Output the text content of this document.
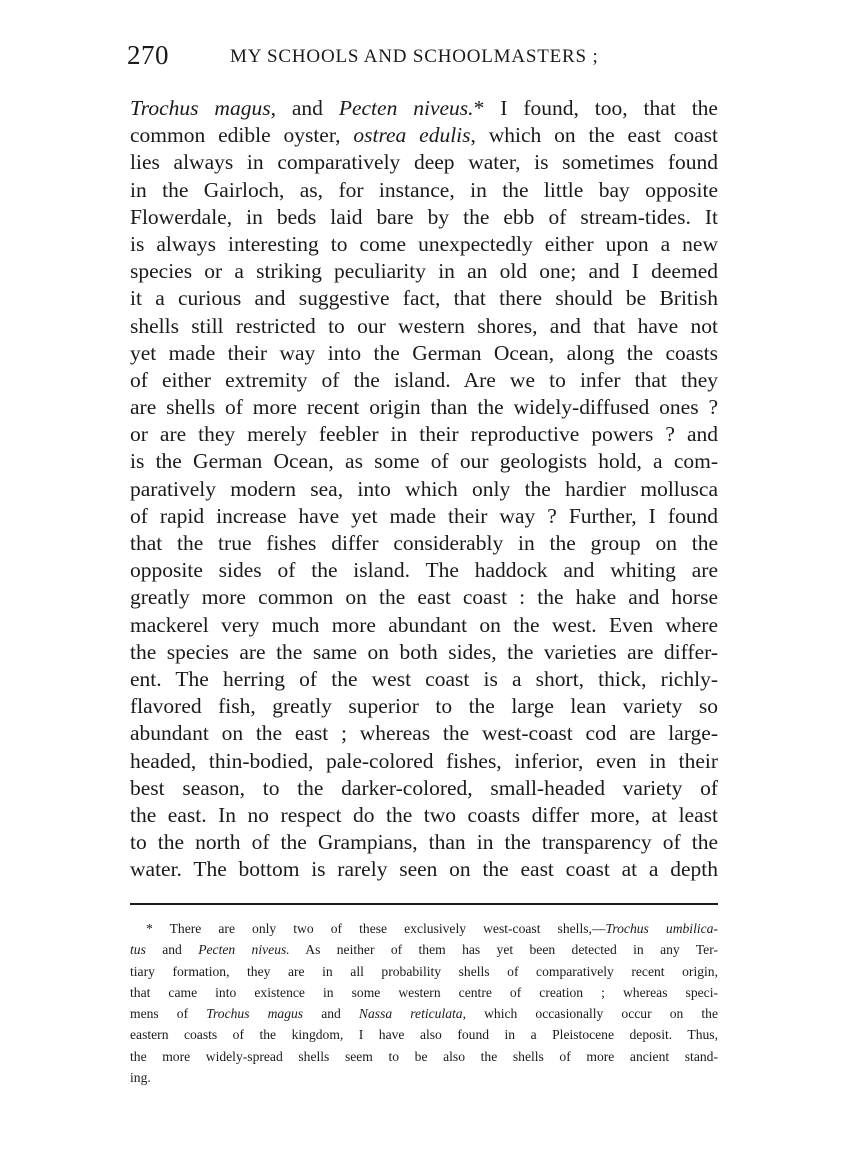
270	MY SCHOOLS AND SCHOOLMASTERS ;
Trochus magus, and Pecten niveus.* I found, too, that the
common edible oyster, ostrea edulis, which on the east coast
lies always in comparatively deep water, is sometimes found
in the Gairloch, as, for instance, in the little bay opposite
Flowerdale, in beds laid bare by the ebb of stream-tides. It
is always interesting to come unexpectedly either upon a new
species or a striking peculiarity in an old one; and I deemed
it a curious and suggestive fact, that there should be British
shells still restricted to our western shores, and that have not
yet made their way into the German Ocean, along the coasts
of either extremity of the island. Are we to infer that they
are shells of more recent origin than the widely-diffused ones ?
or are they merely feebler in their reproductive powers ? and
is the German Ocean, as some of our geologists hold, a com-
paratively modern sea, into which only the hardier mollusca
of rapid increase have yet made their way ? Further, I found
that the true fishes differ considerably in the group on the
opposite sides of the island. The haddock and whiting are
greatly more common on the east coast : the hake and horse
mackerel very much more abundant on the west. Even where
the species are the same on both sides, the varieties are differ-
ent. The herring of the west coast is a short, thick, richly-
flavored fish, greatly superior to the large lean variety so
abundant on the east ; whereas the west-coast cod are large-
headed, thin-bodied, pale-colored fishes, inferior, even in their
best season, to the darker-colored, small-headed variety of
the east. In no respect do the two coasts differ more, at least
to the north of the Grampians, than in the transparency of the
water. The bottom is rarely seen on the east coast at a depth
* There are only two of these exclusively west-coast shells,—Trochus umbilica-
tus and Pecten niveus. As neither of them has yet been detected in any Ter-
tiary formation, they are in all probability shells of comparatively recent origin,
that came into existence in some western centre of creation ; whereas speci-
mens of Trochus magus and Nassa reticulata, which occasionally occur on the
eastern coasts of the kingdom, I have also found in a Pleistocene deposit. Thus,
the more widely-spread shells seem to be also the shells of more ancient stand-
ing.
